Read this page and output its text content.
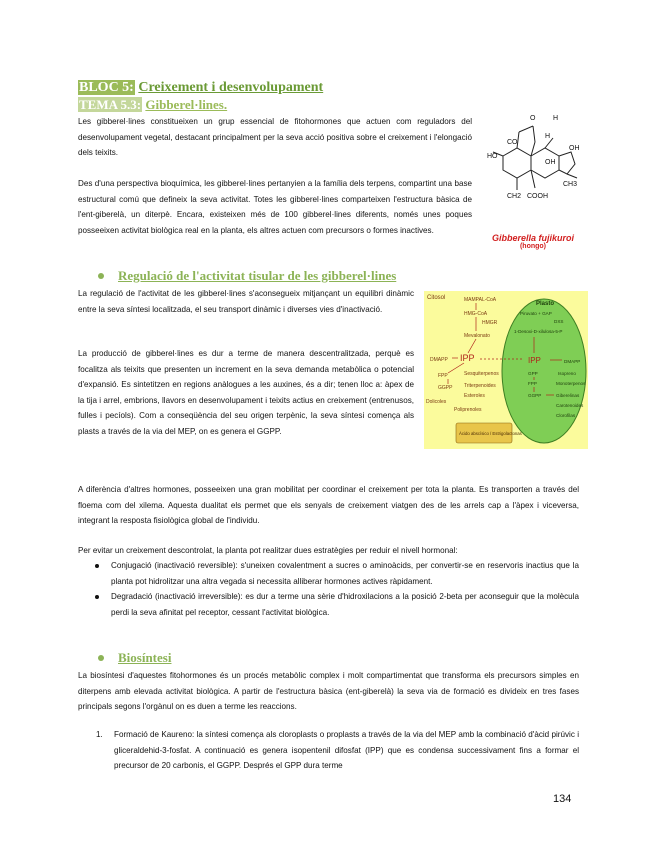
BLOC 5: Creixement i desenvolupament
TEMA 5.3: Gibberel·lines.
Les gibberel·lines constitueixen un grup essencial de fitohormones que actuen com reguladors del desenvolupament vegetal, destacant principalment per la seva acció positiva sobre el creixement i l'elongació dels teixits.
Des d'una perspectiva bioquímica, les gibberel·lines pertanyien a la família dels terpens, compartint una base estructural comú que defineix la seva activitat. Totes les gibberel·lines comparteixen l'estructura bàsica de l'ent-giberelà, un diterpè. Encara, existeixen més de 100 gibberel·lines diferents, només unes poques posseeixen activitat biològica real en la planta, els altres actuen com precursors o formes inactives.
O	H
OH
HO
CO
CH2 COOH
CH3
OH
H
Gibberella fujikuroi
(hongo)
Regulació de l'activitat tisular de les gibberel·lines
La regulació de l'activitat de les gibberel·lines s'aconsegueix mitjançant un equilibri dinàmic entre la seva síntesi localitzada, el seu transport dinàmic i diverses vies d'inactivació.
La producció de gibberel·lines es dur a terme de manera descentralitzada, perquè es focalitza als teixits que presenten un increment en la seva demanda metabòlica o potencial d'expansió. Es sintetitzen en regions anàlogues a les auxines, és a dir; tenen lloc a: àpex de la tija i arrel, embrions, llavors en desenvolupament i teixits actius en creixement (entrenusos, fulles i pecíols). Com a conseqüència del seu origen terpènic, la seva síntesi comença als plasts a través de la via del MEP, on es genera el GGPP.
Citosol	MAMPAL-CoA
HMG-CoA
HMGR
Mevalonato
DMAPP IPP
FPP
GGPP
Dolicoles
Sesquiterpenos
Triterpenoides
Esteroles
Poliprenoles
Plasto
Piruvato + GAP
DXS
1-Desoxi-D-xilulosa-5-P
IPP	DMAPP
GPP
FPP
GGPP
Isopreno
Monoterpenos
Giberelinas
Carotenoides
Clorofilas
Ácido abscísico / Estrigolactonas
A diferència d'altres hormones, posseeixen una gran mobilitat per coordinar el creixement per tota la planta. Es transporten a través del floema com del xilema. Aquesta dualitat els permet que els senyals de creixement viatgen des de les arrels cap a l'àpex i viceversa, integrant la resposta fisiològica global de l'individu.
Per evitar un creixement descontrolat, la planta pot realitzar dues estratègies per reduir el nivell hormonal:
Conjugació (inactivació reversible): s'uneixen covalentment a sucres o aminoàcids, per convertir-se en reservoris inactius que la planta pot hidrolitzar una altra vegada si necessita alliberar hormones actives ràpidament.
Degradació (inactivació irreversible): es dur a terme una sèrie d'hidroxilacions a la posició 2-beta per aconseguir que la molècula perdi la seva afinitat pel receptor, cessant l'activitat biològica.
Biosíntesi
La biosíntesi d'aquestes fitohormones és un procés metabòlic complex i molt compartimentat que transforma els precursors simples en diterpens amb elevada activitat biològica. A partir de l'estructura bàsica (ent-giberelà) la seva via de formació es divideix en tres fases principals segons l'orgànul on es duen a terme les reaccions.
1. Formació de Kaureno: la síntesi comença als cloroplasts o proplasts a través de la via del MEP amb la combinació d'àcid pirúvic i gliceraldehid-3-fosfat. A continuació es genera isopentenil difosfat (IPP) que es condensa successivament fins a formar el precursor de 20 carbonis, el GGPP. Després el GPP dura terme
134
